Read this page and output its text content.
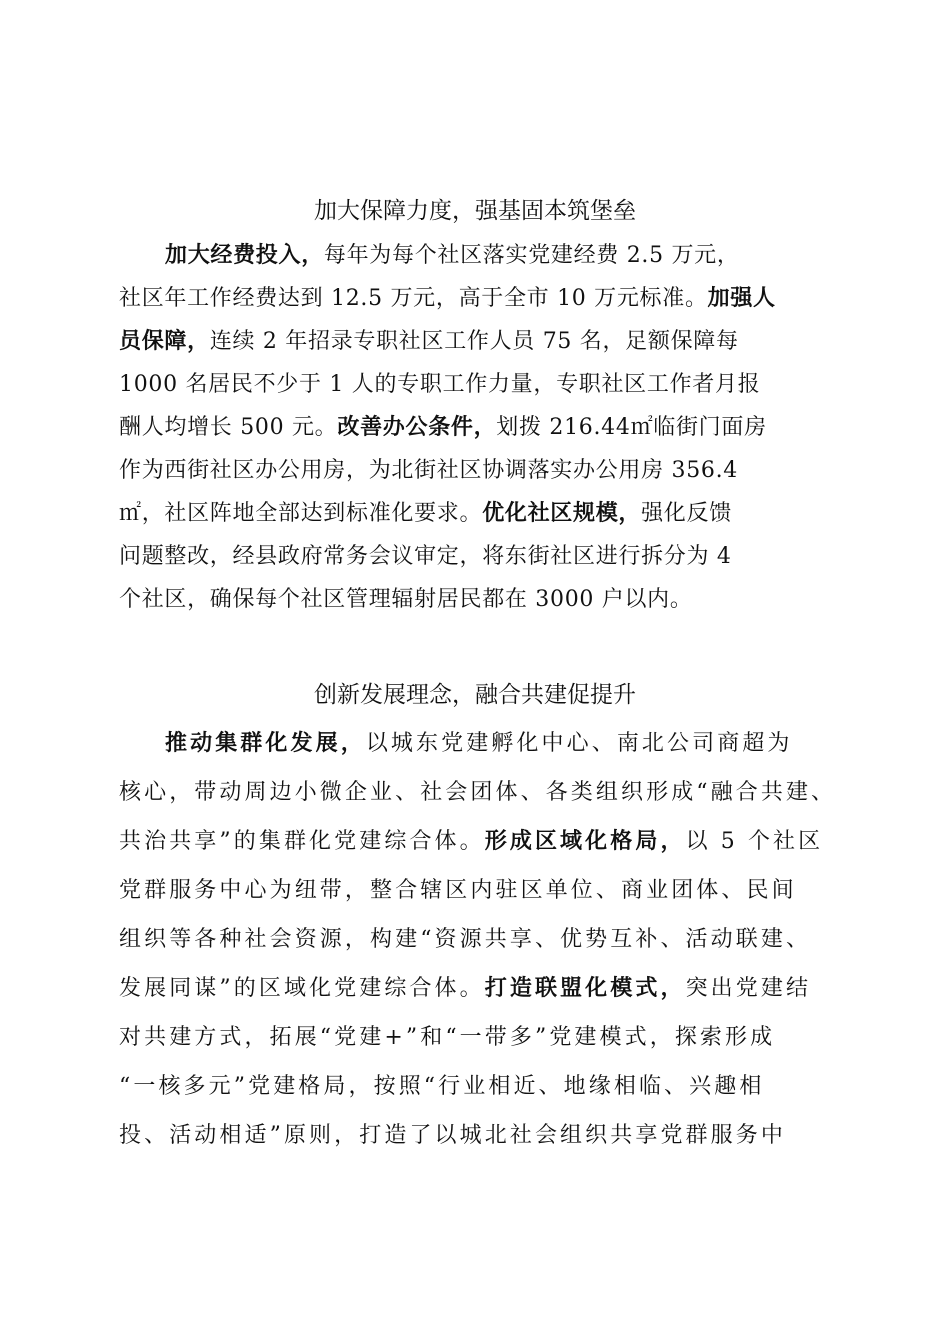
加大保障力度，强基固本筑堡垒
加大经费投入，每年为每个社区落实党建经费 2.5 万元，
社区年工作经费达到 12.5 万元，高于全市 10 万元标准。加强人
员保障，连续 2 年招录专职社区工作人员 75 名，足额保障每
1000 名居民不少于 1 人的专职工作力量，专职社区工作者月报
酬人均增长 500 元。改善办公条件，划拨 216.44㎡临街门面房
作为西街社区办公用房，为北街社区协调落实办公用房 356.4
㎡，社区阵地全部达到标准化要求。优化社区规模，强化反馈
问题整改，经县政府常务会议审定，将东街社区进行拆分为 4
个社区，确保每个社区管理辐射居民都在 3000 户以内。
创新发展理念，融合共建促提升
推动集群化发展，以城东党建孵化中心、南北公司商超为
核心，带动周边小微企业、社会团体、各类组织形成“融合共建、
共治共享”的集群化党建综合体。形成区域化格局，以 5 个社区
党群服务中心为纽带，整合辖区内驻区单位、商业团体、民间
组织等各种社会资源，构建“资源共享、优势互补、活动联建、
发展同谋”的区域化党建综合体。打造联盟化模式，突出党建结
对共建方式，拓展“党建+”和“一带多”党建模式，探索形成
“一核多元”党建格局，按照“行业相近、地缘相临、兴趣相
投、活动相适”原则，打造了以城北社会组织共享党群服务中
